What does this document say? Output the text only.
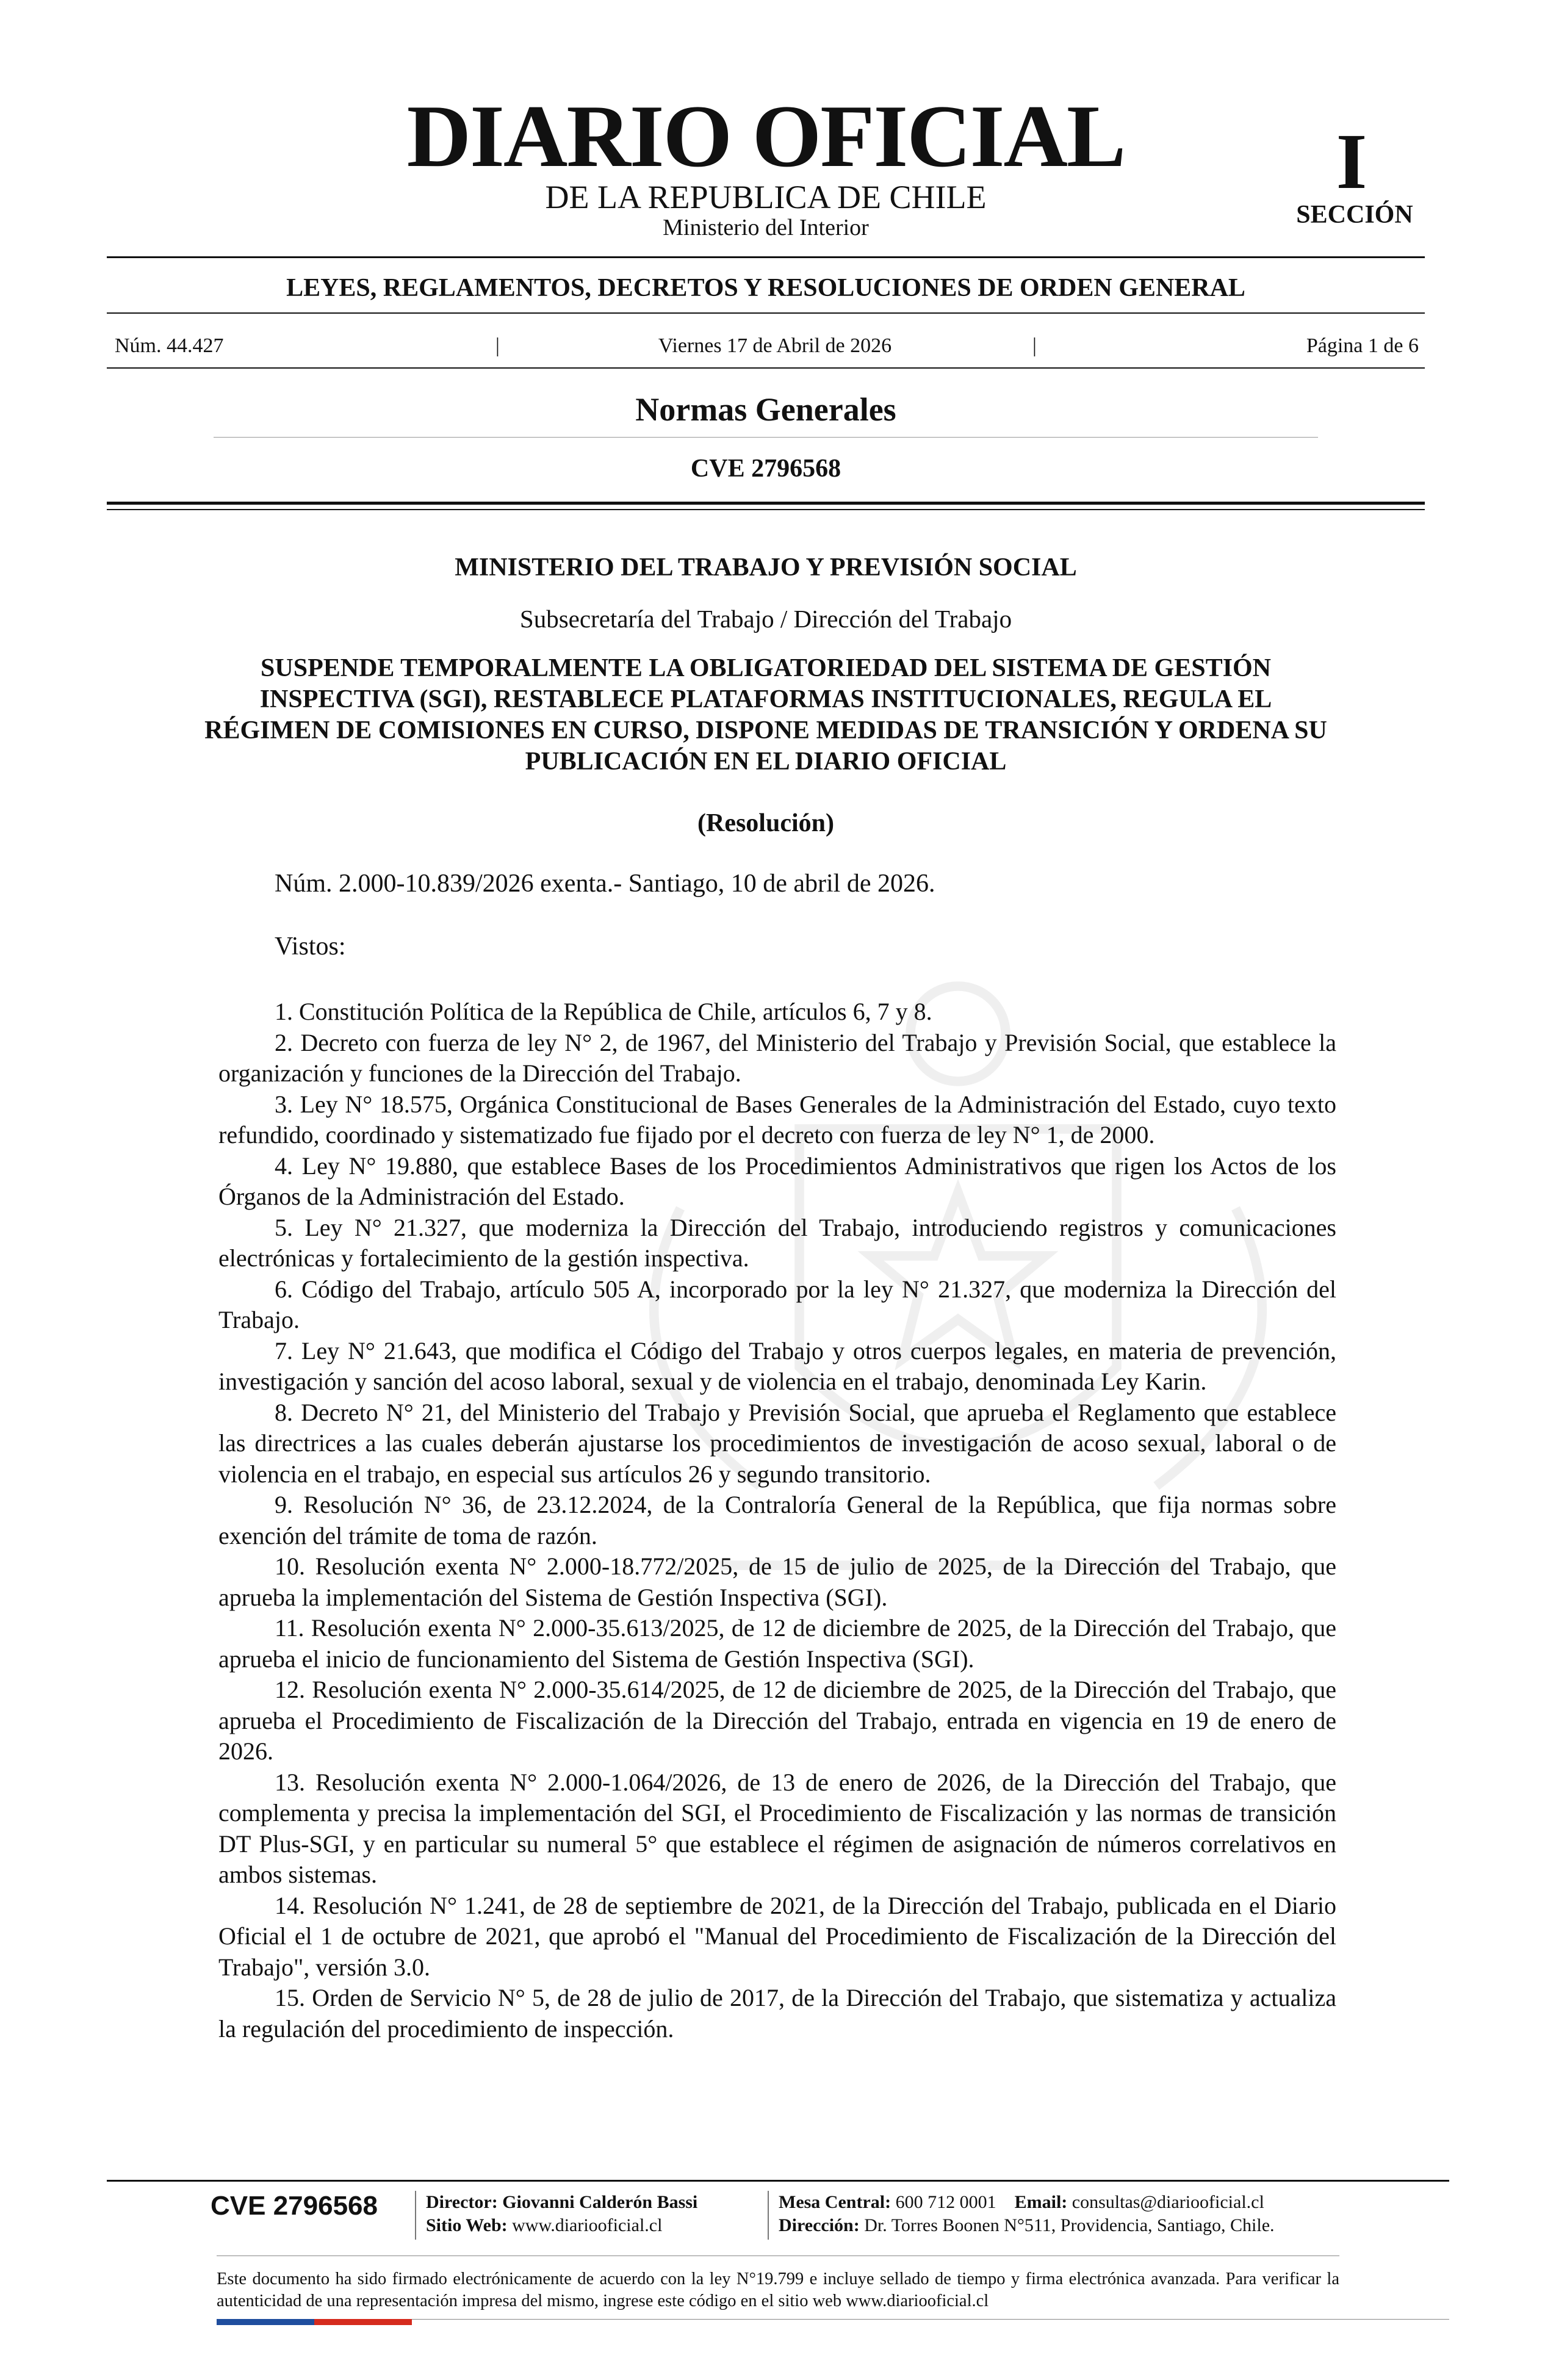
DIARIO OFICIAL
DE LA REPUBLICA DE CHILE
Ministerio del Interior
I
SECCIÓN
LEYES, REGLAMENTOS, DECRETOS Y RESOLUCIONES DE ORDEN GENERAL
Núm. 44.427	|	Viernes 17 de Abril de 2026	|	Página 1 de 6
Normas Generales
CVE 2796568
MINISTERIO DEL TRABAJO Y PREVISIÓN SOCIAL
Subsecretaría del Trabajo / Dirección del Trabajo
SUSPENDE TEMPORALMENTE LA OBLIGATORIEDAD DEL SISTEMA DE GESTIÓN INSPECTIVA (SGI), RESTABLECE PLATAFORMAS INSTITUCIONALES, REGULA EL RÉGIMEN DE COMISIONES EN CURSO, DISPONE MEDIDAS DE TRANSICIÓN Y ORDENA SU PUBLICACIÓN EN EL DIARIO OFICIAL
(Resolución)
Núm. 2.000-10.839/2026 exenta.- Santiago, 10 de abril de 2026.
Vistos:

1. Constitución Política de la República de Chile, artículos 6, 7 y 8.

2. Decreto con fuerza de ley N° 2, de 1967, del Ministerio del Trabajo y Previsión Social, que establece la organización y funciones de la Dirección del Trabajo.

3. Ley N° 18.575, Orgánica Constitucional de Bases Generales de la Administración del Estado, cuyo texto refundido, coordinado y sistematizado fue fijado por el decreto con fuerza de ley N° 1, de 2000.

4. Ley N° 19.880, que establece Bases de los Procedimientos Administrativos que rigen los Actos de los Órganos de la Administración del Estado.

5. Ley N° 21.327, que moderniza la Dirección del Trabajo, introduciendo registros y comunicaciones electrónicas y fortalecimiento de la gestión inspectiva.

6. Código del Trabajo, artículo 505 A, incorporado por la ley N° 21.327, que moderniza la Dirección del Trabajo.

7. Ley N° 21.643, que modifica el Código del Trabajo y otros cuerpos legales, en materia de prevención, investigación y sanción del acoso laboral, sexual y de violencia en el trabajo, denominada Ley Karin.

8. Decreto N° 21, del Ministerio del Trabajo y Previsión Social, que aprueba el Reglamento que establece las directrices a las cuales deberán ajustarse los procedimientos de investigación de acoso sexual, laboral o de violencia en el trabajo, en especial sus artículos 26 y segundo transitorio.

9. Resolución N° 36, de 23.12.2024, de la Contraloría General de la República, que fija normas sobre exención del trámite de toma de razón.

10. Resolución exenta N° 2.000-18.772/2025, de 15 de julio de 2025, de la Dirección del Trabajo, que aprueba la implementación del Sistema de Gestión Inspectiva (SGI).

11. Resolución exenta N° 2.000-35.613/2025, de 12 de diciembre de 2025, de la Dirección del Trabajo, que aprueba el inicio de funcionamiento del Sistema de Gestión Inspectiva (SGI).

12. Resolución exenta N° 2.000-35.614/2025, de 12 de diciembre de 2025, de la Dirección del Trabajo, que aprueba el Procedimiento de Fiscalización de la Dirección del Trabajo, entrada en vigencia en 19 de enero de 2026.

13. Resolución exenta N° 2.000-1.064/2026, de 13 de enero de 2026, de la Dirección del Trabajo, que complementa y precisa la implementación del SGI, el Procedimiento de Fiscalización y las normas de transición DT Plus-SGI, y en particular su numeral 5° que establece el régimen de asignación de números correlativos en ambos sistemas.

14. Resolución N° 1.241, de 28 de septiembre de 2021, de la Dirección del Trabajo, publicada en el Diario Oficial el 1 de octubre de 2021, que aprobó el "Manual del Procedimiento de Fiscalización de la Dirección del Trabajo", versión 3.0.

15. Orden de Servicio N° 5, de 28 de julio de 2017, de la Dirección del Trabajo, que sistematiza y actualiza la regulación del procedimiento de inspección.

CVE 2796568	Director: Giovanni Calderón Bassi
Sitio Web: www.diariooficial.cl
Mesa Central: 600 712 0001 Email: consultas@diariooficial.cl
Dirección: Dr. Torres Boonen N°511, Providencia, Santiago, Chile.
Este documento ha sido firmado electrónicamente de acuerdo con la ley N°19.799 e incluye sellado de tiempo y firma electrónica avanzada. Para verificar la autenticidad de una representación impresa del mismo, ingrese este código en el sitio web www.diariooficial.cl
